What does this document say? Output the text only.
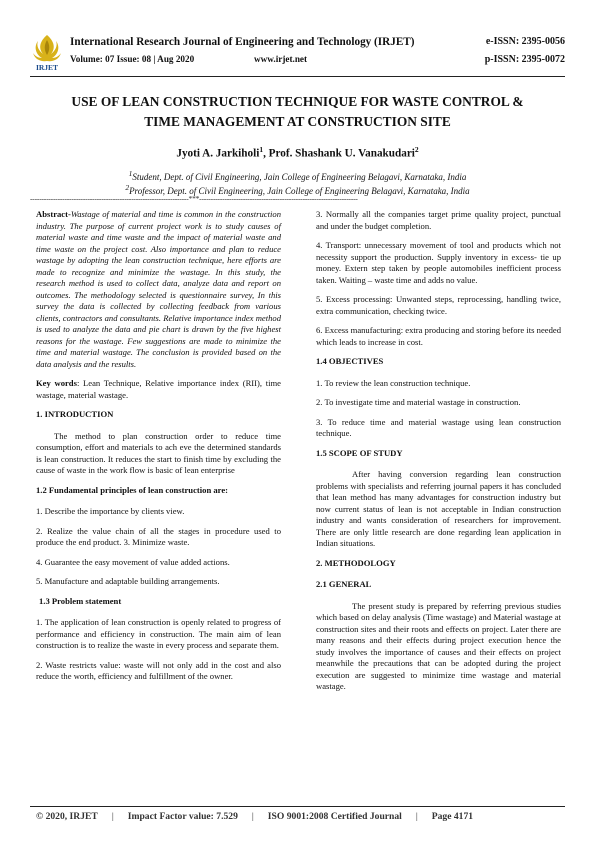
IRJET
International Research Journal of Engineering and Technology (IRJET)	e-ISSN: 2395-0056
Volume: 07 Issue: 08 | Aug 2020	www.irjet.net	p-ISSN: 2395-0072
USE OF LEAN CONSTRUCTION TECHNIQUE FOR WASTE CONTROL &
TIME MANAGEMENT AT CONSTRUCTION SITE
Jyoti A. Jarkiholi$^1$, Prof. Shashank U. Vanakudari$^2$
$^1$Student, Dept. of Civil Engineering, Jain College of Engineering Belagavi, Karnataka, India
$^2$Professor, Dept. of Civil Engineering, Jain College of Engineering Belagavi, Karnataka, India
---------------------------------------------------------------------***---------------------------------------------------------------------

Abstract-Wastage of material and time is common in the construction industry. The purpose of current project work is to study causes of material waste and time waste and the impact of material waste and time waste on the project cost. Also importance and plan to reduce wastage by adopting the lean construction technique, here efforts are made to recognize and minimize the wastage. In this study, the research method is used to collect data, analyze data and report on outcomes. The methodology selected is questionnaire survey, In this survey the data is collected by collecting feedback from various clients, contractors and consultants. Relative importance index method is used to analyze the data and pie chart is drawn by the five highest reasons for the wastage. Few suggestions are made to minimize the time and material wastage. The conclusion is provided based on the data analysis and the results.

Key words: Lean Technique, Relative importance index (RII), time wastage, material wastage.

1. INTRODUCTION

The method to plan construction order to reduce time consumption, effort and materials to ach eve the determined standards is lean construction. It reduces the start to finish time by excluding the cause of waste in the work flow is basic of lean enterprise

1.2 Fundamental principles of lean construction are:

1. Describe the importance by clients view.

2. Realize the value chain of all the stages in procedure used to produce the end product. 3. Minimize waste.

4. Guarantee the easy movement of value added actions.

5. Manufacture and adaptable building arrangements.

1.3 Problem statement

1. The application of lean construction is openly related to progress of performance and efficiency in construction. The main aim of lean construction is to realize the waste in every process and separate them.

2. Waste restricts value: waste will not only add in the cost and also reduce the worth, efficiency and fulfillment of the owner.

3. Normally all the companies target prime quality project, punctual and under the budget completion.

4. Transport: unnecessary movement of tool and products which not necessity support the production. Supply inventory in excess- tie up money. Extern step taken by people automobiles inefficient process taken. Waiting – waste time and adds no value.

5. Excess processing: Unwanted steps, reprocessing, handling twice, extra communication, checking twice.

6. Excess manufacturing: extra producing and storing before its needed which leads to increase in cost.

1.4 OBJECTIVES

1. To review the lean construction technique.

2. To investigate time and material wastage in construction.

3. To reduce time and material wastage using lean construction technique.

1.5 SCOPE OF STUDY

After having conversion regarding lean construction problems with specialists and referring journal papers it has concluded that lean method has many advantages for construction industry but now current status of lean is not acceptable in Indian construction industry and wants consideration of researchers for improvement. There are only little research are done regarding lean application in Indian situations.

2. METHODOLOGY

2.1 GENERAL

The present study is prepared by referring previous studies which based on delay analysis (Time wastage) and Material wastage at construction sites and their roots and effects on project. Later there are many reasons and their effects during project execution hence the study involves the importance of causes and their effects on project meanwhile the precautions that can be adopted during the project execution are suggested to minimize time wastage and material wastage.

© 2020, IRJET | Impact Factor value: 7.529 | ISO 9001:2008 Certified Journal | Page 4171
